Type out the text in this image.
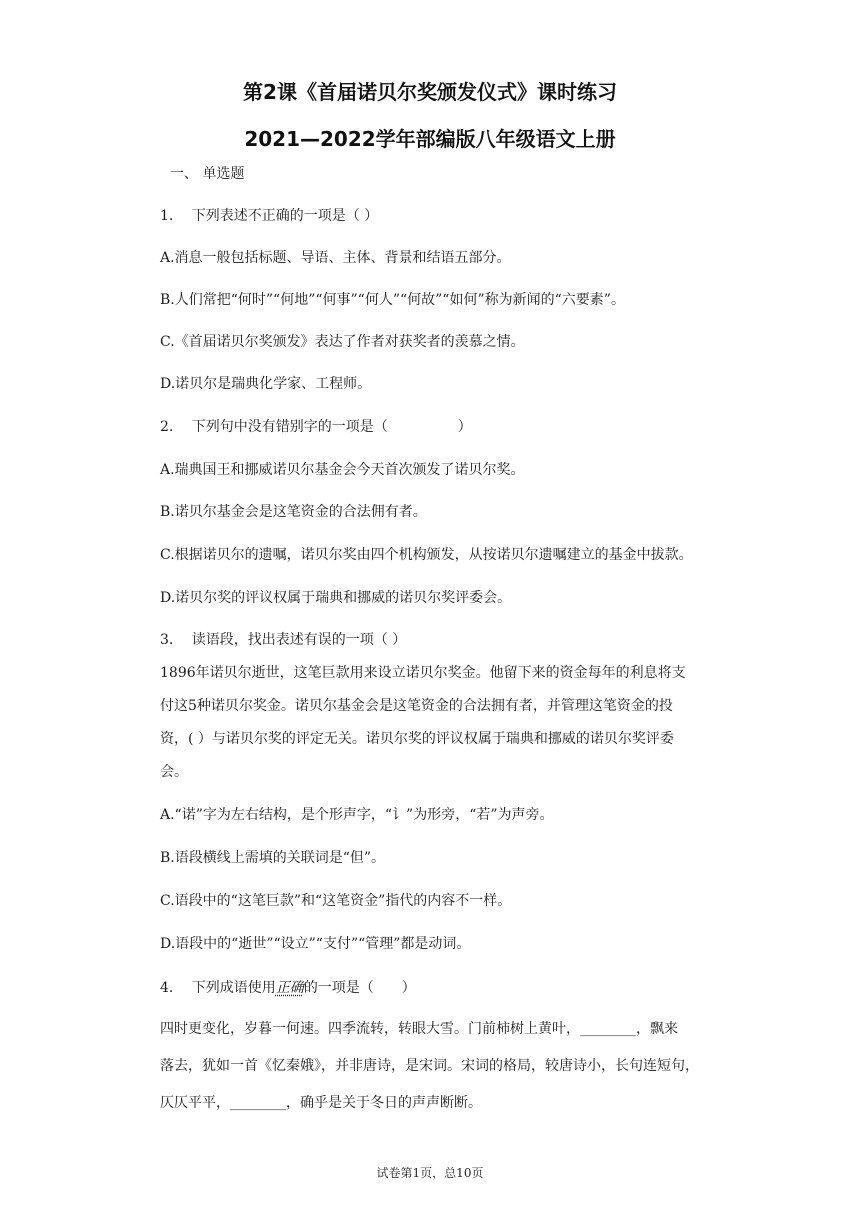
第2课《首届诺贝尔奖颁发仪式》课时练习
2021—2022学年部编版八年级语文上册
一、 单选题
1.　 下列表述不正确的一项是（ ）
A.消息一般包括标题、导语、主体、背景和结语五部分。
B.人们常把“何时”“何地”“何事”“何人”“何故”“如何”称为新闻的“六要素”。
C.《首届诺贝尔奖颁发》表达了作者对获奖者的羡慕之情。
D.诺贝尔是瑞典化学家、工程师。
2.　 下列句中没有错别字的一项是（　　　　　）
A.瑞典国王和挪威诺贝尔基金会今天首次颁发了诺贝尔奖。
B.诺贝尔基金会是这笔资金的合法佣有者。
C.根据诺贝尔的遗嘱，诺贝尔奖由四个机构颁发，从按诺贝尔遗嘱建立的基金中拔款。
D.诺贝尔奖的评议权属于瑞典和挪威的诺贝尔奖评委会。
3.　 读语段，找出表述有误的一项（ ）
1896年诺贝尔逝世，这笔巨款用来设立诺贝尔奖金。他留下来的资金每年的利息将支
付这5种诺贝尔奖金。诺贝尔基金会是这笔资金的合法拥有者，并管理这笔资金的投
资，( ）与诺贝尔奖的评定无关。诺贝尔奖的评议权属于瑞典和挪威的诺贝尔奖评委
会。
A.“诺”字为左右结构，是个形声字，“讠”为形旁，“若”为声旁。
B.语段横线上需填的关联词是“但”。
C.语段中的“这笔巨款”和“这笔资金”指代的内容不一样。
D.语段中的“逝世”“设立”“支付”“管理”都是动词。
4.　 下列成语使用正确的一项是（　　）
四时更变化，岁暮一何速。四季流转，转眼大雪。门前柿树上黄叶，________，飘来
落去，犹如一首《忆秦娥》，并非唐诗，是宋词。宋词的格局，较唐诗小，长句连短句，
仄仄平平，________，确乎是关于冬日的声声断断。
试卷第1页，总10页
